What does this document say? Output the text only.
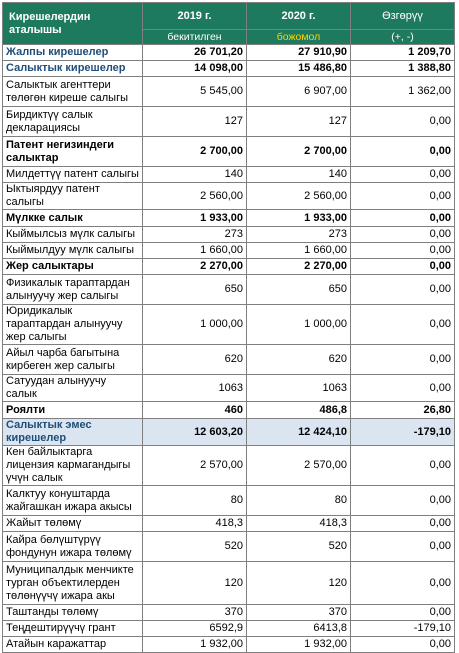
Кирешелердин аталышы	2019 г.	2020 г.	Өзгөрүү
	бекитилген	божомол	(+, -)
Жалпы кирешелер	26 701,20	27 910,90	1 209,70
Салыктык кирешелер	14 098,00	15 486,80	1 388,80
Салыктык агенттери төлөгөн киреше салыгы	5 545,00	6 907,00	1 362,00
Бирдиктүү салык декларациясы	127	127	0,00
Патент негизиндеги салыктар	2 700,00	2 700,00	0,00
Милдеттүү патент салыгы	140	140	0,00
Ыктыярдуу патент салыгы	2 560,00	2 560,00	0,00
Мүлкке салык	1 933,00	1 933,00	0,00
Кыймылсыз мүлк салыгы	273	273	0,00
Кыймылдуу мүлк салыгы	1 660,00	1 660,00	0,00
Жер салыктары	2 270,00	2 270,00	0,00
Физикалык тараптардан алынуучу жер салыгы	650	650	0,00
Юридикалык тараптардан алынуучу жер салыгы	1 000,00	1 000,00	0,00
Айыл чарба багытына кирбеген жер салыгы	620	620	0,00
Сатуудан алынуучу салык	1063	1063	0,00
Роялти	460	486,8	26,80
Салыктык эмес кирешелер	12 603,20	12 424,10	-179,10
Кен байлыктарга лицензия кармагандыгы үчүн салык	2 570,00	2 570,00	0,00
Калктуу конуштарда жайгашкан ижара акысы	80	80	0,00
Жайыт төлөмү	418,3	418,3	0,00
Кайра бөлүштүрүү фондунун ижара төлөмү	520	520	0,00
Муниципалдык менчикте турган объектилерден төлөнүүчү ижара акы	120	120	0,00
Таштанды төлөмү	370	370	0,00
Теңдештирүүчү грант	6592,9	6413,8	-179,10
Атайын каражаттар	1 932,00	1 932,00	0,00
